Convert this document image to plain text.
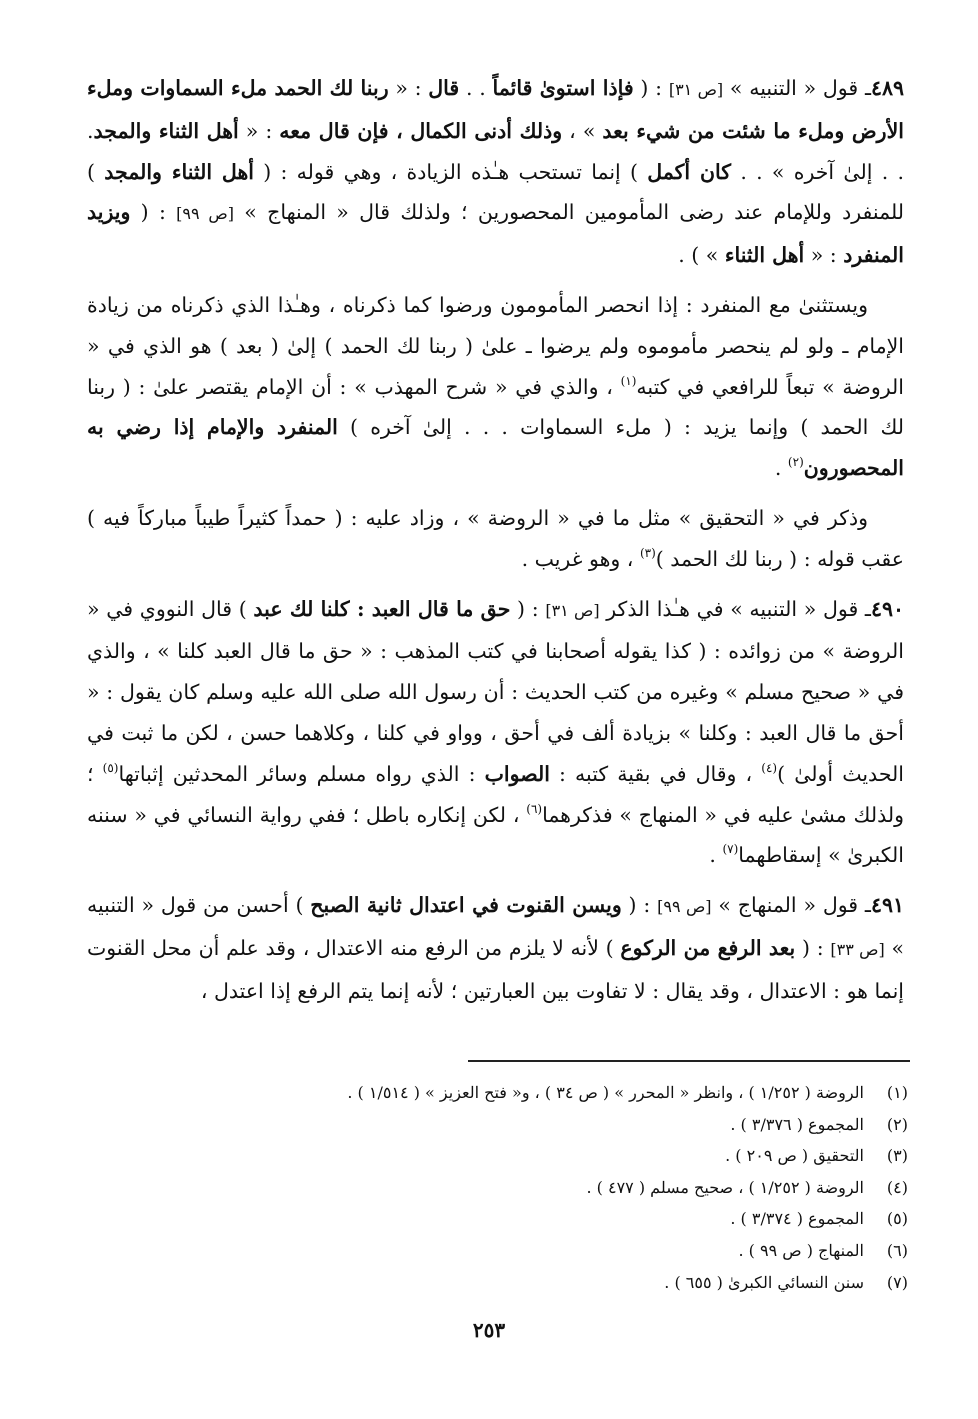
٤٨٩ـ قول « التنبيه » [ص ٣١] : ( فإذا استوىٰ قائماً . . قال : « ربنا لك الحمد ملء السماوات وملء الأرض وملء ما شئت من شيء بعد » ، وذلك أدنى الكمال ، فإن قال معه : « أهل الثناء والمجد. . . إلىٰ آخره » . . كان أكمل ) إنما تستحب هـٰذه الزيادة ، وهي قوله : ( أهل الثناء والمجد ) للمنفرد وللإمام عند رضى المأمومين المحصورين ؛ ولذلك قال « المنهاج » [ص ٩٩] : ( ويزيد المنفرد : « أهل الثناء » ) .

ويستثنىٰ مع المنفرد : إذا انحصر المأمومون ورضوا كما ذكرناه ، وهـٰذا الذي ذكرناه من زيادة الإمام ـ ولو لم ينحصر مأموموه ولم يرضوا ـ علىٰ ( ربنا لك الحمد ) إلىٰ ( بعد ) هو الذي في « الروضة » تبعاً للرافعي في كتبه$^{(١)}$ ، والذي في « شرح المهذب » : أن الإمام يقتصر علىٰ : ( ربنا لك الحمد ) وإنما يزيد : ( ملء السماوات . . . إلىٰ آخره ) المنفرد والإمام إذا رضي به المحصورون$^{(٢)}$ .

وذكر في « التحقيق » مثل ما في « الروضة » ، وزاد عليه : ( حمداً كثيراً طيباً مباركاً فيه ) عقب قوله : ( ربنا لك الحمد )$^{(٣)}$ ، وهو غريب .

٤٩٠ـ قول « التنبيه » في هـٰذا الذكر [ص ٣١] : ( حق ما قال العبد : كلنا لك عبد ) قال النووي في « الروضة » من زوائده : ( كذا يقوله أصحابنا في كتب المذهب : « حق ما قال العبد كلنا » ، والذي في « صحيح مسلم » وغيره من كتب الحديث : أن رسول الله صلى الله عليه وسلم كان يقول : « أحق ما قال العبد : وكلنا » بزيادة ألف في أحق ، وواو في كلنا ، وكلاهما حسن ، لكن ما ثبت في الحديث أولىٰ )$^{(٤)}$ ، وقال في بقية كتبه : الصواب : الذي رواه مسلم وسائر المحدثين إثباتها$^{(٥)}$ ؛ ولذلك مشىٰ عليه في « المنهاج » فذكرهما$^{(٦)}$ ، لكن إنكاره باطل ؛ ففي رواية النسائي في « سننه الكبرىٰ » إسقاطهما$^{(٧)}$ .

٤٩١ـ قول « المنهاج » [ص ٩٩] : ( ويسن القنوت في اعتدال ثانية الصبح ) أحسن من قول « التنبيه » [ص ٣٣] : ( بعد الرفع من الركوع ) لأنه لا يلزم من الرفع منه الاعتدال ، وقد علم أن محل القنوت إنما هو : الاعتدال ، وقد يقال : لا تفاوت بين العبارتين ؛ لأنه إنما يتم الرفع إذا اعتدل ،

(١)
الروضة ( ١/٢٥٢ ) ، وانظر « المحرر » ( ص ٣٤ ) ، و« فتح العزيز » ( ١/٥١٤ ) .
(٢)
المجموع ( ٣/٣٧٦ ) .
(٣)
التحقيق ( ص ٢٠٩ ) .
(٤)
الروضة ( ١/٢٥٢ ) ، صحيح مسلم ( ٤٧٧ ) .
(٥)
المجموع ( ٣/٣٧٤ ) .
(٦)
المنهاج ( ص ٩٩ ) .
(٧)
سنن النسائي الكبرىٰ ( ٦٥٥ ) .
٢٥٣
